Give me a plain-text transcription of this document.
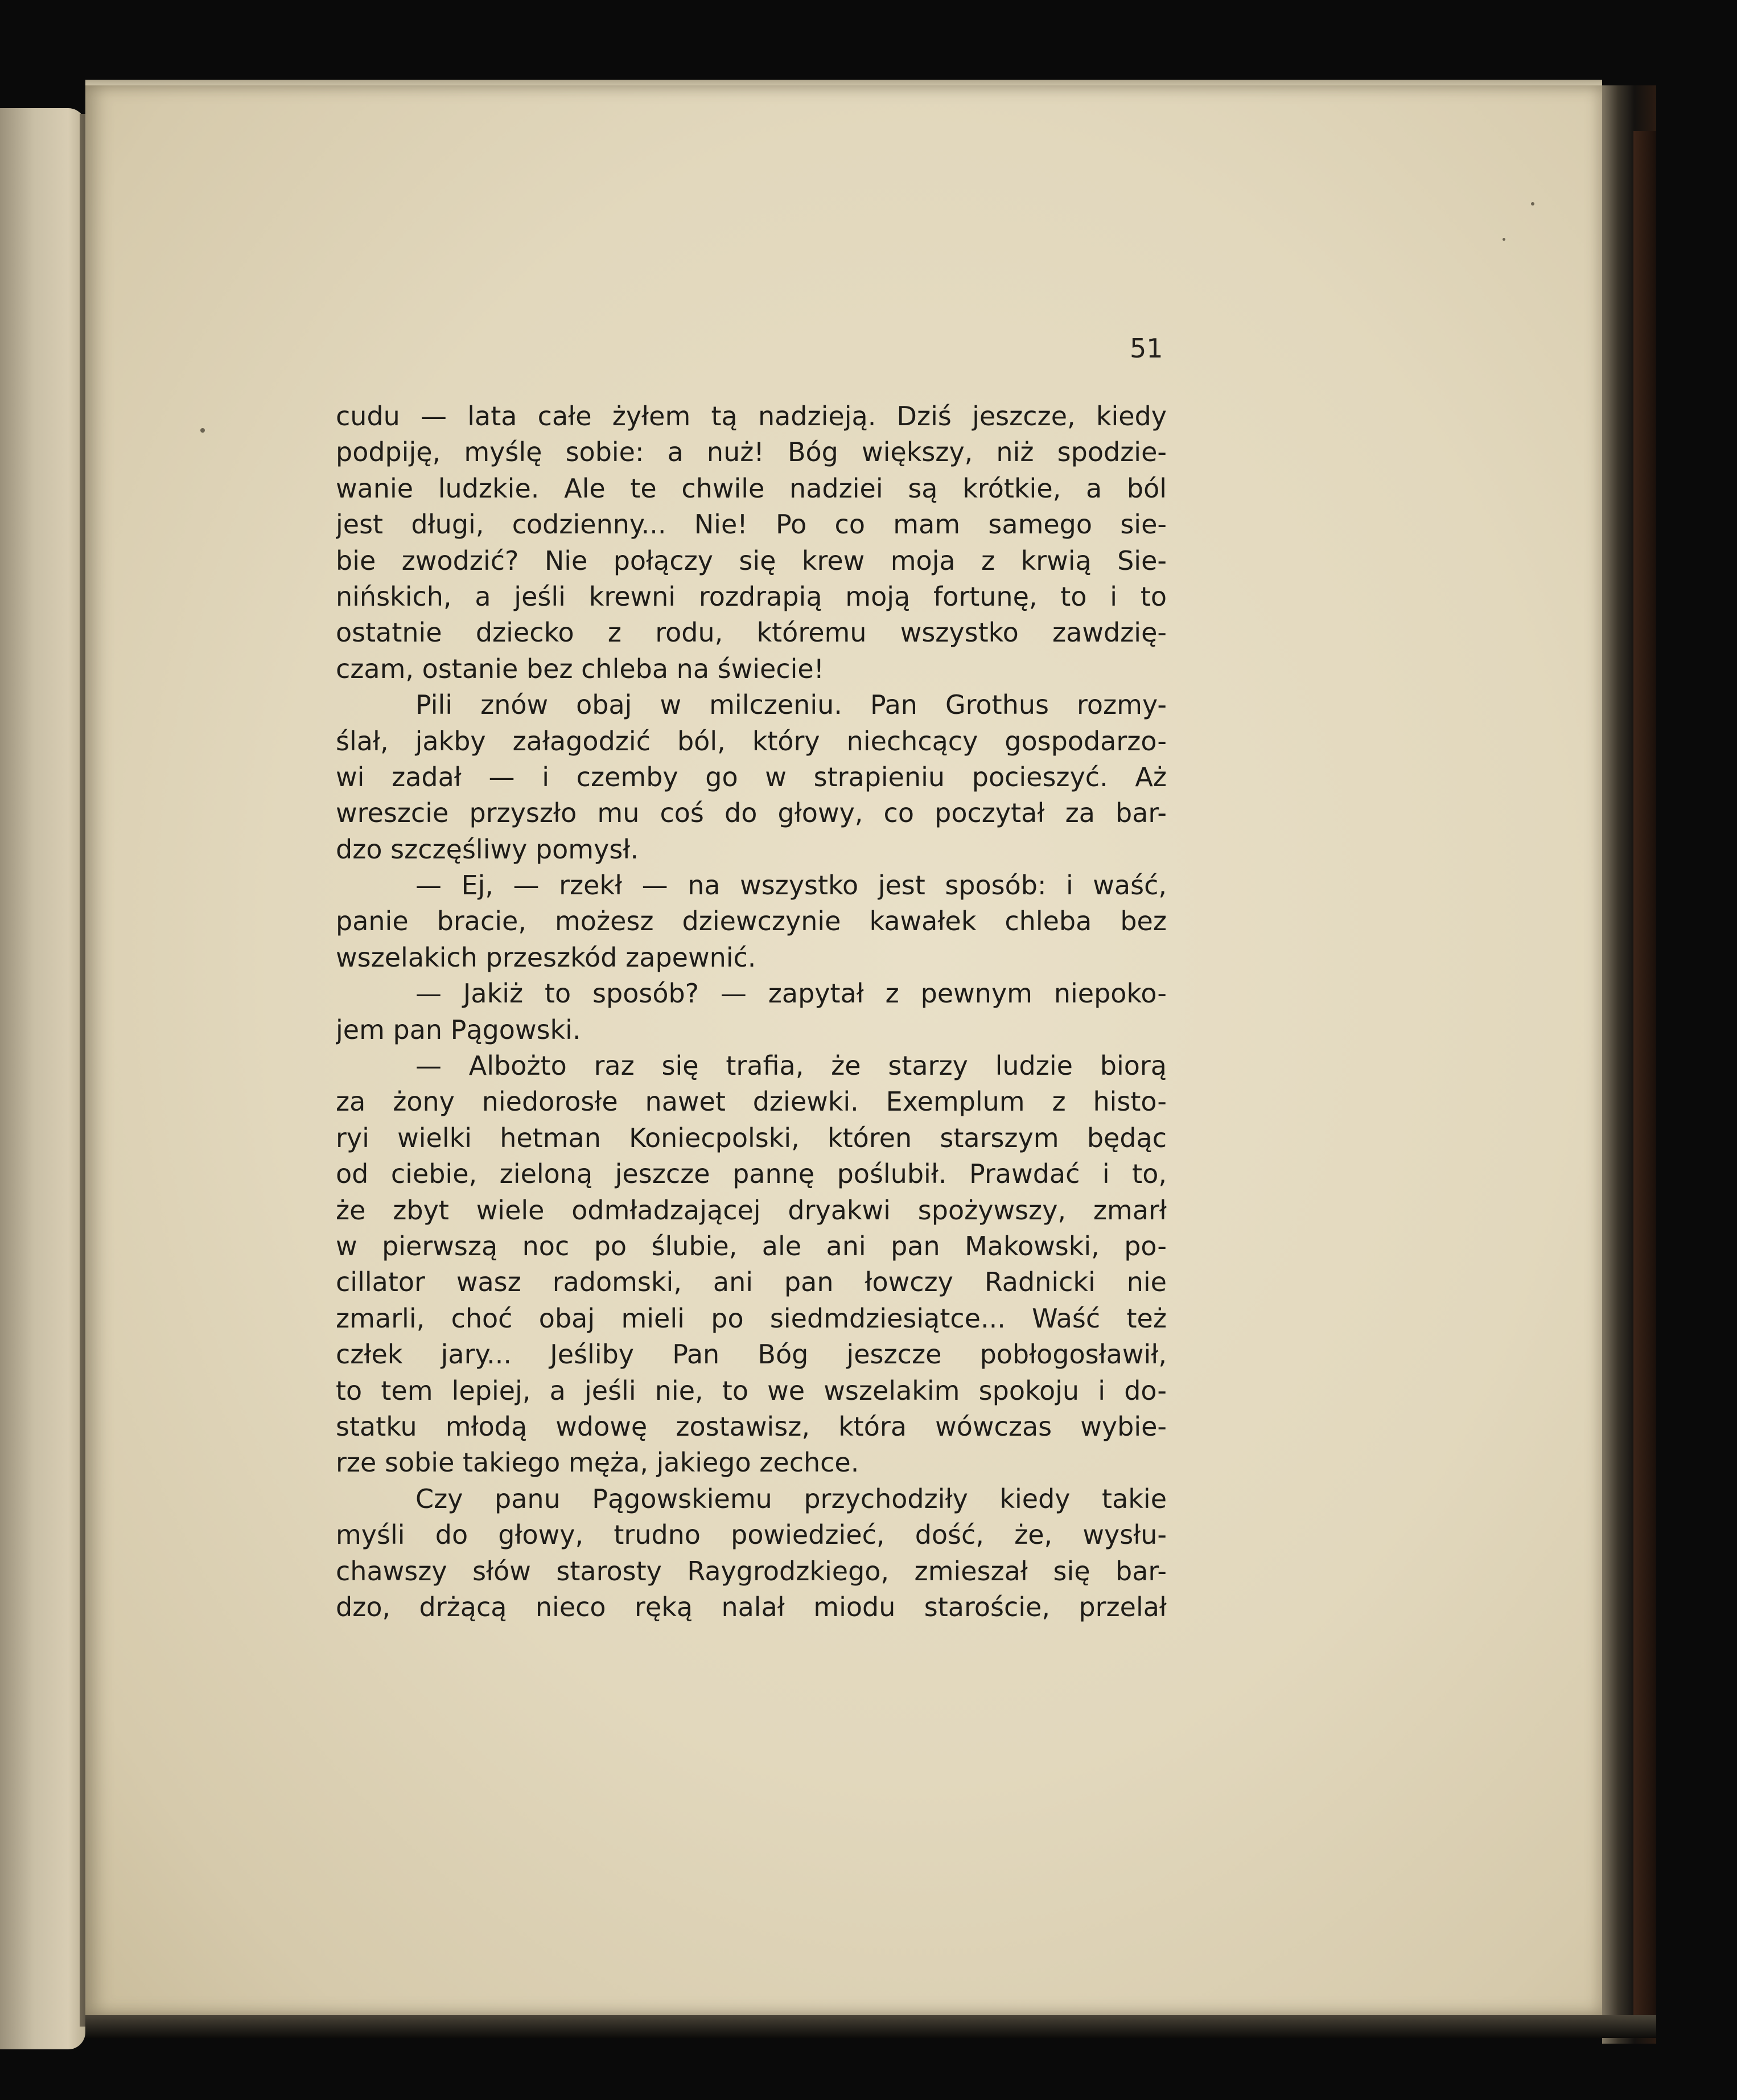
51
cudu — lata całe żyłem tą nadzieją. Dziś jeszcze, kiedy
podpiję, myślę sobie: a nuż! Bóg większy, niż spodzie-
wanie ludzkie. Ale te chwile nadziei są krótkie, a ból
jest długi, codzienny... Nie! Po co mam samego sie-
bie zwodzić? Nie połączy się krew moja z krwią Sie-
nińskich, a jeśli krewni rozdrapią moją fortunę, to i to
ostatnie dziecko z rodu, któremu wszystko zawdzię-
czam, ostanie bez chleba na świecie!
Pili znów obaj w milczeniu. Pan Grothus rozmy-
ślał, jakby załagodzić ból, który niechcący gospodarzo-
wi zadał — i czemby go w strapieniu pocieszyć. Aż
wreszcie przyszło mu coś do głowy, co poczytał za bar-
dzo szczęśliwy pomysł.
— Ej, — rzekł — na wszystko jest sposób: i waść,
panie bracie, możesz dziewczynie kawałek chleba bez
wszelakich przeszkód zapewnić.
— Jakiż to sposób? — zapytał z pewnym niepoko-
jem pan Pągowski.
— Albożto raz się trafia, że starzy ludzie biorą
za żony niedorosłe nawet dziewki. Exemplum z histo-
ryi wielki hetman Koniecpolski, któren starszym będąc
od ciebie, zieloną jeszcze pannę poślubił. Prawdać i to,
że zbyt wiele odmładzającej dryakwi spożywszy, zmarł
w pierwszą noc po ślubie, ale ani pan Makowski, po-
cillator wasz radomski, ani pan łowczy Radnicki nie
zmarli, choć obaj mieli po siedmdziesiątce... Waść też
człek jary... Jeśliby Pan Bóg jeszcze pobłogosławił,
to tem lepiej, a jeśli nie, to we wszelakim spokoju i do-
statku młodą wdowę zostawisz, która wówczas wybie-
rze sobie takiego męża, jakiego zechce.
Czy panu Pągowskiemu przychodziły kiedy takie
myśli do głowy, trudno powiedzieć, dość, że, wysłu-
chawszy słów starosty Raygrodzkiego, zmieszał się bar-
dzo, drżącą nieco ręką nalał miodu staroście, przelał
